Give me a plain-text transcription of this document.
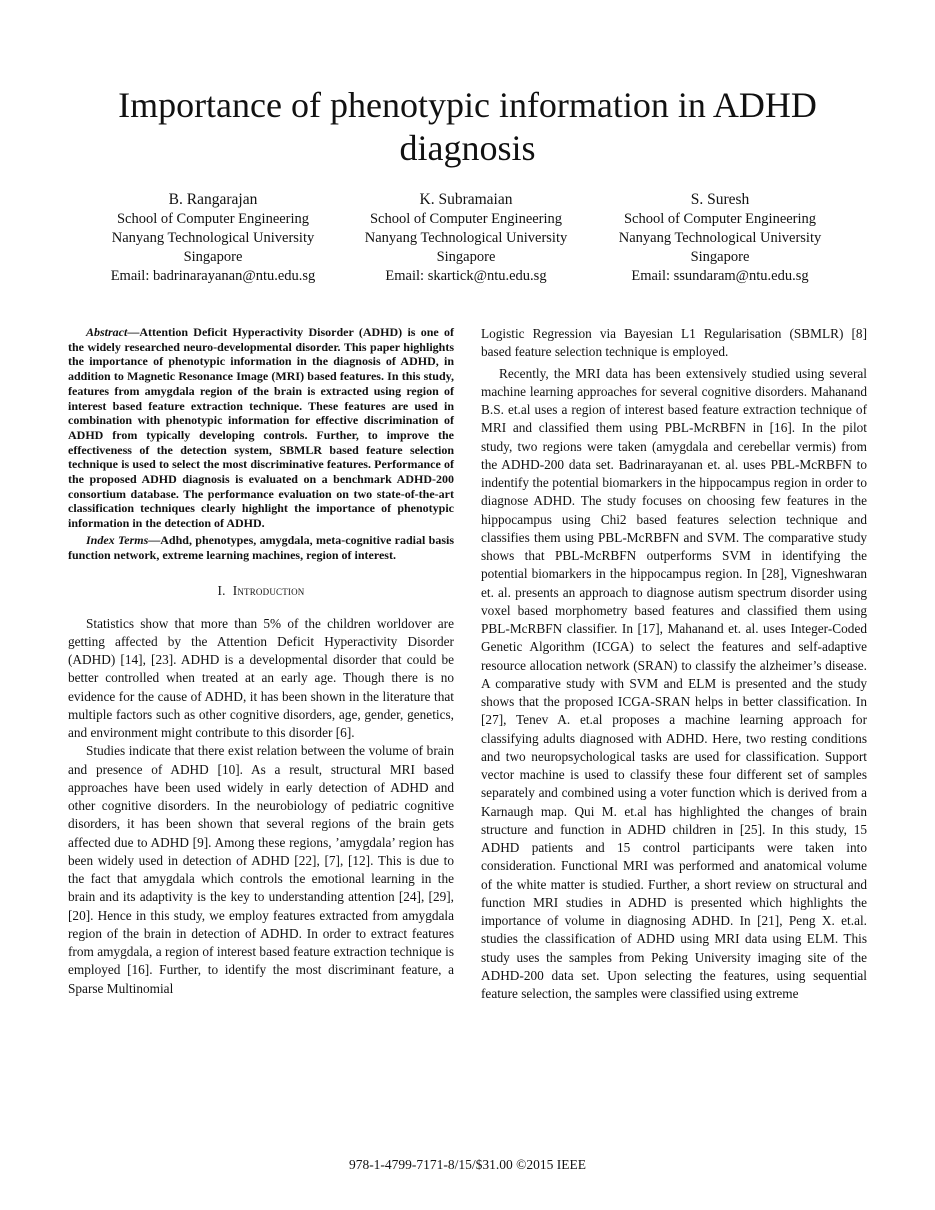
Importance of phenotypic information in ADHD diagnosis
B. Rangarajan
School of Computer Engineering
Nanyang Technological University
Singapore
Email: badrinarayanan@ntu.edu.sg
K. Subramaian
School of Computer Engineering
Nanyang Technological University
Singapore
Email: skartick@ntu.edu.sg
S. Suresh
School of Computer Engineering
Nanyang Technological University
Singapore
Email: ssundaram@ntu.edu.sg

Abstract—Attention Deficit Hyperactivity Disorder (ADHD) is one of the widely researched neuro-developmental disorder. This paper highlights the importance of phenotypic information in the diagnosis of ADHD, in addition to Magnetic Resonance Image (MRI) based features. In this study, features from amygdala region of the brain is extracted using region of interest based feature extraction technique. These features are used in combination with phenotypic information for effective discrimination of ADHD from typically developing controls. Further, to improve the effectiveness of the detection system, SBMLR based feature selection technique is used to select the most discriminative features. Performance of the proposed ADHD diagnosis is evaluated on a benchmark ADHD-200 consortium database. The performance evaluation on two state-of-the-art classification techniques clearly highlight the importance of phenotypic information in the detection of ADHD.

Index Terms—Adhd, phenotypes, amygdala, meta-cognitive radial basis function network, extreme learning machines, region of interest.

I. Introduction

Statistics show that more than 5% of the children worldover are getting affected by the Attention Deficit Hyperactivity Disorder (ADHD) [14], [23]. ADHD is a developmental disorder that could be better controlled when treated at an early age. Though there is no evidence for the cause of ADHD, it has been shown in the literature that multiple factors such as other cognitive disorders, age, gender, genetics, and environment might contribute to this disorder [6].

Studies indicate that there exist relation between the volume of brain and presence of ADHD [10]. As a result, structural MRI based approaches have been used widely in early detection of ADHD and other cognitive disorders. In the neurobiology of pediatric cognitive disorders, it has been shown that several regions of the brain gets affected due to ADHD [9]. Among these regions, ’amygdala’ region has been widely used in detection of ADHD [22], [7], [12]. This is due to the fact that amygdala which controls the emotional learning in the brain and its adaptivity is the key to understanding attention [24], [29], [20]. Hence in this study, we employ features extracted from amygdala region of the brain in detection of ADHD. In order to extract features from amygdala, a region of interest based feature extraction technique is employed [16]. Further, to identify the most discriminant feature, a Sparse Multinomial

Logistic Regression via Bayesian L1 Regularisation (SBMLR) [8] based feature selection technique is employed.

Recently, the MRI data has been extensively studied using several machine learning approaches for several cognitive disorders. Mahanand B.S. et.al uses a region of interest based feature extraction technique of MRI and classified them using PBL-McRBFN in [16]. In the pilot study, two regions were taken (amygdala and cerebellar vermis) from the ADHD-200 data set. Badrinarayanan et. al. uses PBL-McRBFN to indentify the potential biomarkers in the hippocampus region in order to diagnose ADHD. The study focuses on choosing few features in the hippocampus using Chi2 based features selection technique and classifies them using PBL-McRBFN and SVM. The comparative study shows that PBL-McRBFN outperforms SVM in identifying the potential biomarkers in the hippocampus region. In [28], Vigneshwaran et. al. presents an approach to diagnose autism spectrum disorder using voxel based morphometry based features and classified them using PBL-McRBFN classifier. In [17], Mahanand et. al. uses Integer-Coded Genetic Algorithm (ICGA) to select the features and self-adaptive resource allocation network (SRAN) to classify the alzheimer’s disease. A comparative study with SVM and ELM is presented and the study shows that the proposed ICGA-SRAN helps in better classification. In [27], Tenev A. et.al proposes a machine learning approach for classifying adults diagnosed with ADHD. Here, two resting conditions and two neuropsychological tasks are used for classification. Support vector machine is used to classify these four different set of samples separately and combined using a voter function which is derived from a Karnaugh map. Qui M. et.al has highlighted the changes of brain structure and function in ADHD children in [25]. In this study, 15 ADHD patients and 15 control participants were taken into consideration. Functional MRI was performed and anatomical volume of the white matter is studied. Further, a short review on structural and function MRI studies in ADHD is presented which highlights the importance of volume in diagnosing ADHD. In [21], Peng X. et.al. studies the classification of ADHD using MRI data using ELM. This study uses the samples from Peking University imaging site of the ADHD-200 data set. Upon selecting the features, using sequential feature selection, the samples were classified using extreme

978-1-4799-7171-8/15/$31.00 ©2015 IEEE
